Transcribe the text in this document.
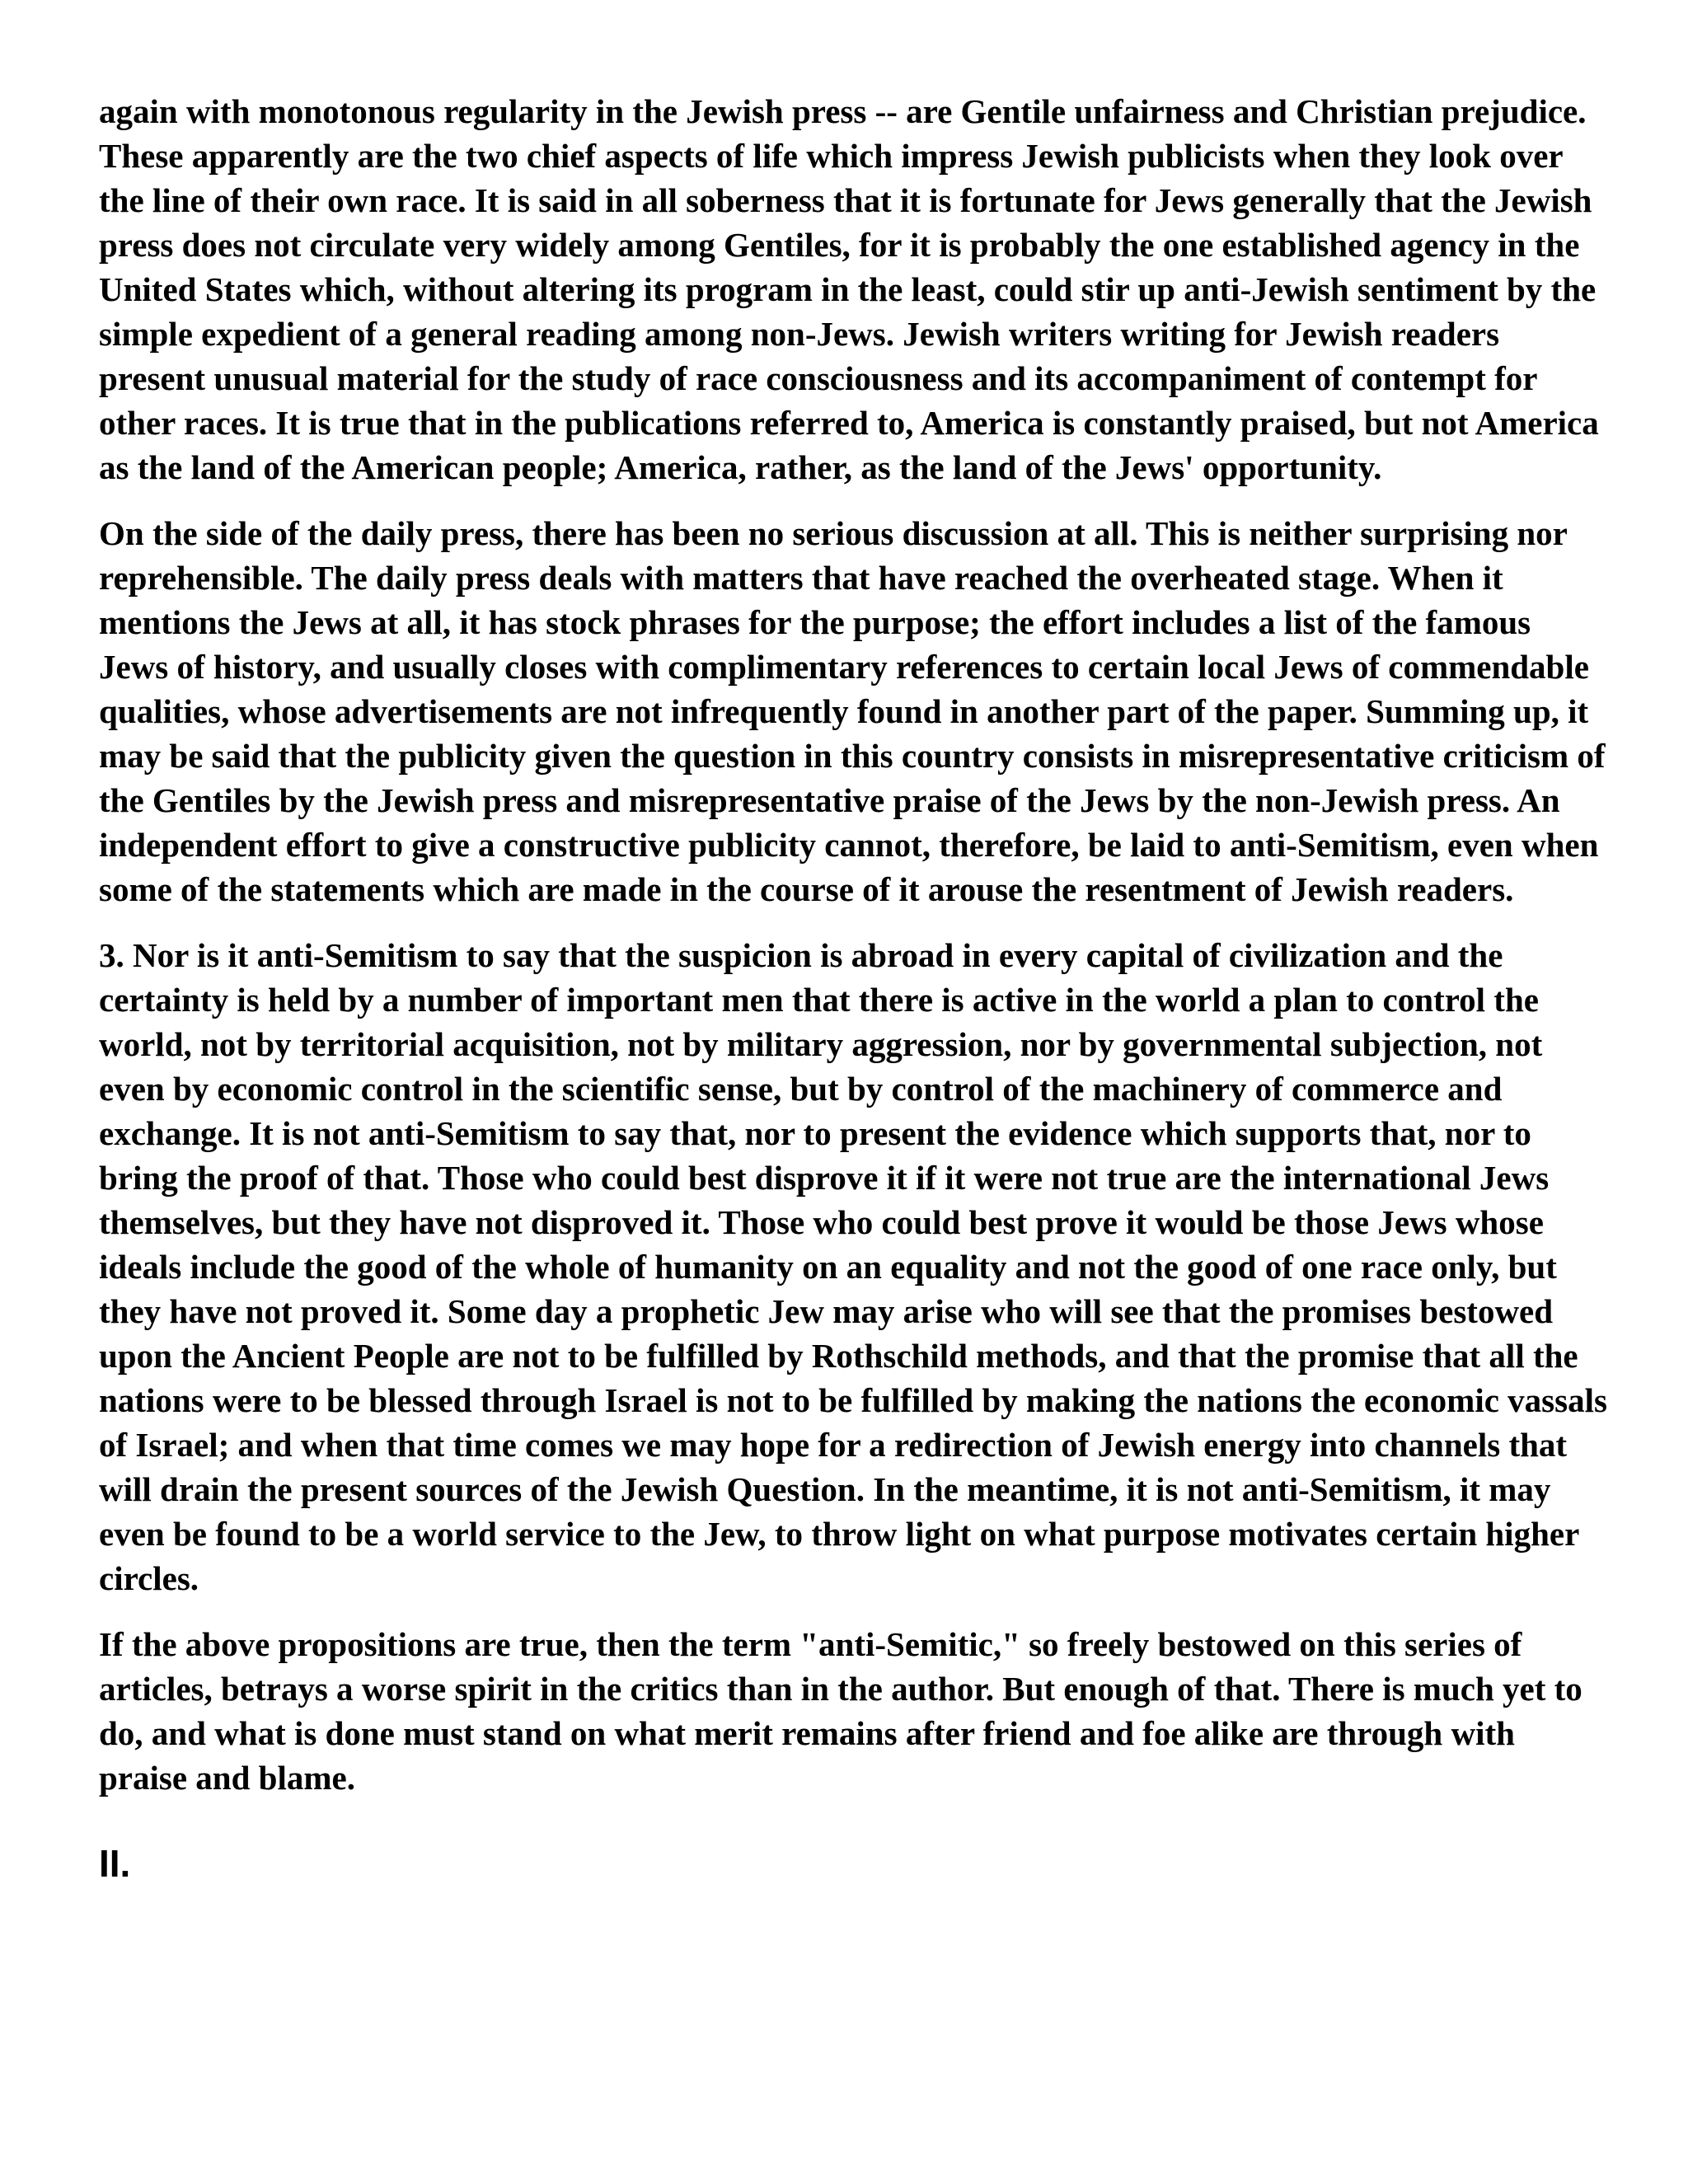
again with monotonous regularity in the Jewish press -- are Gentile unfairness and Christian prejudice. These apparently are the two chief aspects of life which impress Jewish publicists when they look over the line of their own race. It is said in all soberness that it is fortunate for Jews generally that the Jewish press does not circulate very widely among Gentiles, for it is probably the one established agency in the United States which, without altering its program in the least, could stir up anti-Jewish sentiment by the simple expedient of a general reading among non-Jews. Jewish writers writing for Jewish readers present unusual material for the study of race consciousness and its accompaniment of contempt for other races. It is true that in the publications referred to, America is constantly praised, but not America as the land of the American people; America, rather, as the land of the Jews' opportunity.

On the side of the daily press, there has been no serious discussion at all. This is neither surprising nor reprehensible. The daily press deals with matters that have reached the overheated stage. When it mentions the Jews at all, it has stock phrases for the purpose; the effort includes a list of the famous Jews of history, and usually closes with complimentary references to certain local Jews of commendable qualities, whose advertisements are not infrequently found in another part of the paper. Summing up, it may be said that the publicity given the question in this country consists in misrepresentative criticism of the Gentiles by the Jewish press and misrepresentative praise of the Jews by the non-Jewish press. An independent effort to give a constructive publicity cannot, therefore, be laid to anti-Semitism, even when some of the statements which are made in the course of it arouse the resentment of Jewish readers.

3. Nor is it anti-Semitism to say that the suspicion is abroad in every capital of civilization and the certainty is held by a number of important men that there is active in the world a plan to control the world, not by territorial acquisition, not by military aggression, nor by governmental subjection, not even by economic control in the scientific sense, but by control of the machinery of commerce and exchange. It is not anti-Semitism to say that, nor to present the evidence which supports that, nor to bring the proof of that. Those who could best disprove it if it were not true are the international Jews themselves, but they have not disproved it. Those who could best prove it would be those Jews whose ideals include the good of the whole of humanity on an equality and not the good of one race only, but they have not proved it. Some day a prophetic Jew may arise who will see that the promises bestowed upon the Ancient People are not to be fulfilled by Rothschild methods, and that the promise that all the nations were to be blessed through Israel is not to be fulfilled by making the nations the economic vassals of Israel; and when that time comes we may hope for a redirection of Jewish energy into channels that will drain the present sources of the Jewish Question. In the meantime, it is not anti-Semitism, it may even be found to be a world service to the Jew, to throw light on what purpose motivates certain higher circles.

If the above propositions are true, then the term "anti-Semitic," so freely bestowed on this series of articles, betrays a worse spirit in the critics than in the author. But enough of that. There is much yet to do, and what is done must stand on what merit remains after friend and foe alike are through with praise and blame.

II.
